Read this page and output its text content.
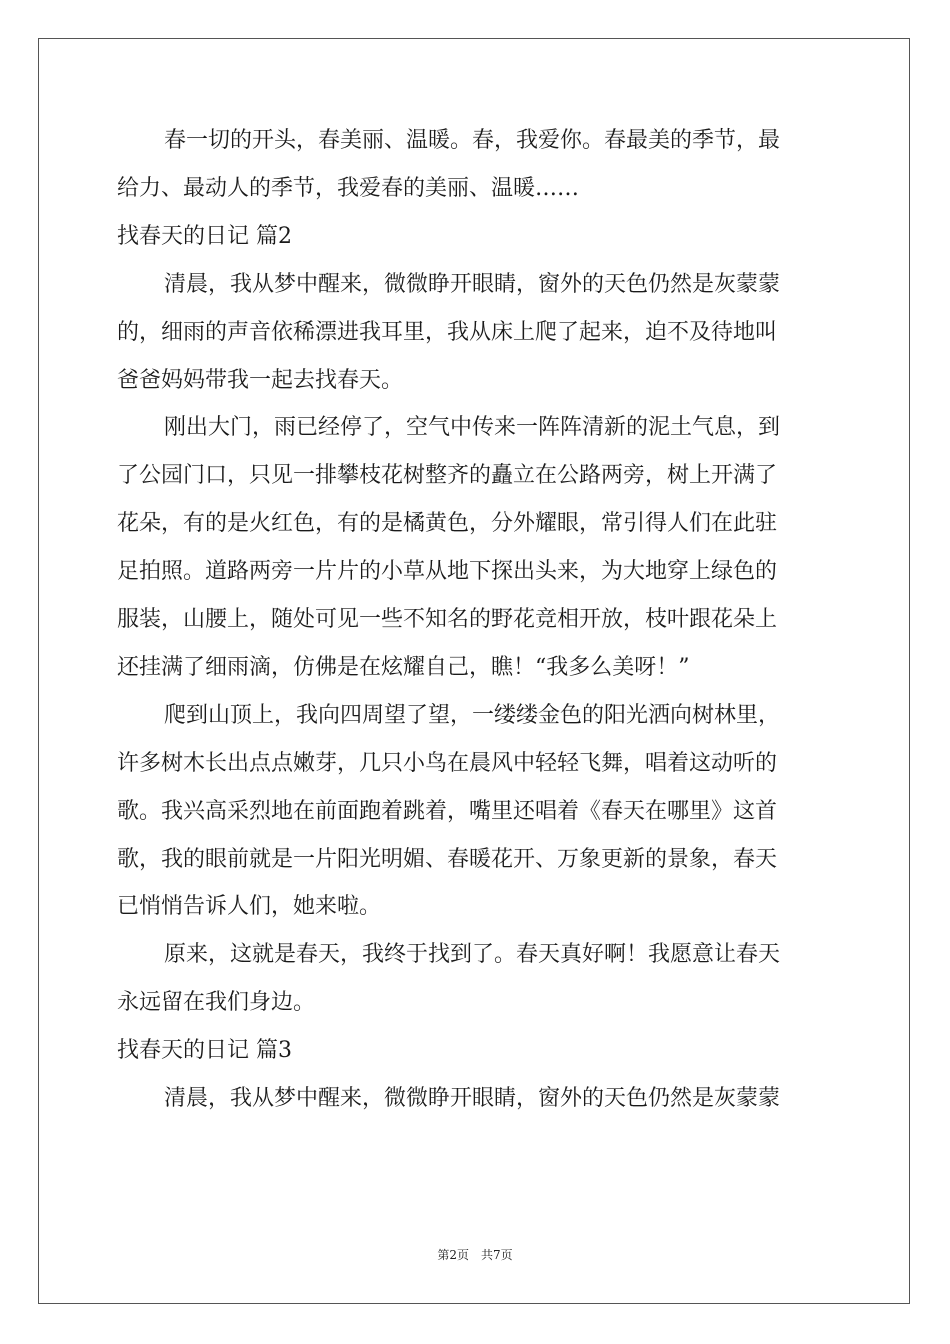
春一切的开头，春美丽、温暖。春，我爱你。春最美的季节，最
给力、最动人的季节，我爱春的美丽、温暖……
找春天的日记 篇2
清晨，我从梦中醒来，微微睁开眼睛，窗外的天色仍然是灰蒙蒙
的，细雨的声音依稀漂进我耳里，我从床上爬了起来，迫不及待地叫
爸爸妈妈带我一起去找春天。
刚出大门，雨已经停了，空气中传来一阵阵清新的泥土气息，到
了公园门口，只见一排攀枝花树整齐的矗立在公路两旁，树上开满了
花朵，有的是火红色，有的是橘黄色，分外耀眼，常引得人们在此驻
足拍照。道路两旁一片片的小草从地下探出头来，为大地穿上绿色的
服装，山腰上，随处可见一些不知名的野花竞相开放，枝叶跟花朵上
还挂满了细雨滴，仿佛是在炫耀自己，瞧！“我多么美呀！”
爬到山顶上，我向四周望了望，一缕缕金色的阳光洒向树林里，
许多树木长出点点嫩芽，几只小鸟在晨风中轻轻飞舞，唱着这动听的
歌。我兴高采烈地在前面跑着跳着，嘴里还唱着《春天在哪里》这首
歌，我的眼前就是一片阳光明媚、春暖花开、万象更新的景象，春天
已悄悄告诉人们，她来啦。
原来，这就是春天，我终于找到了。春天真好啊！我愿意让春天
永远留在我们身边。
找春天的日记 篇3
清晨，我从梦中醒来，微微睁开眼睛，窗外的天色仍然是灰蒙蒙
第2页　共7页
